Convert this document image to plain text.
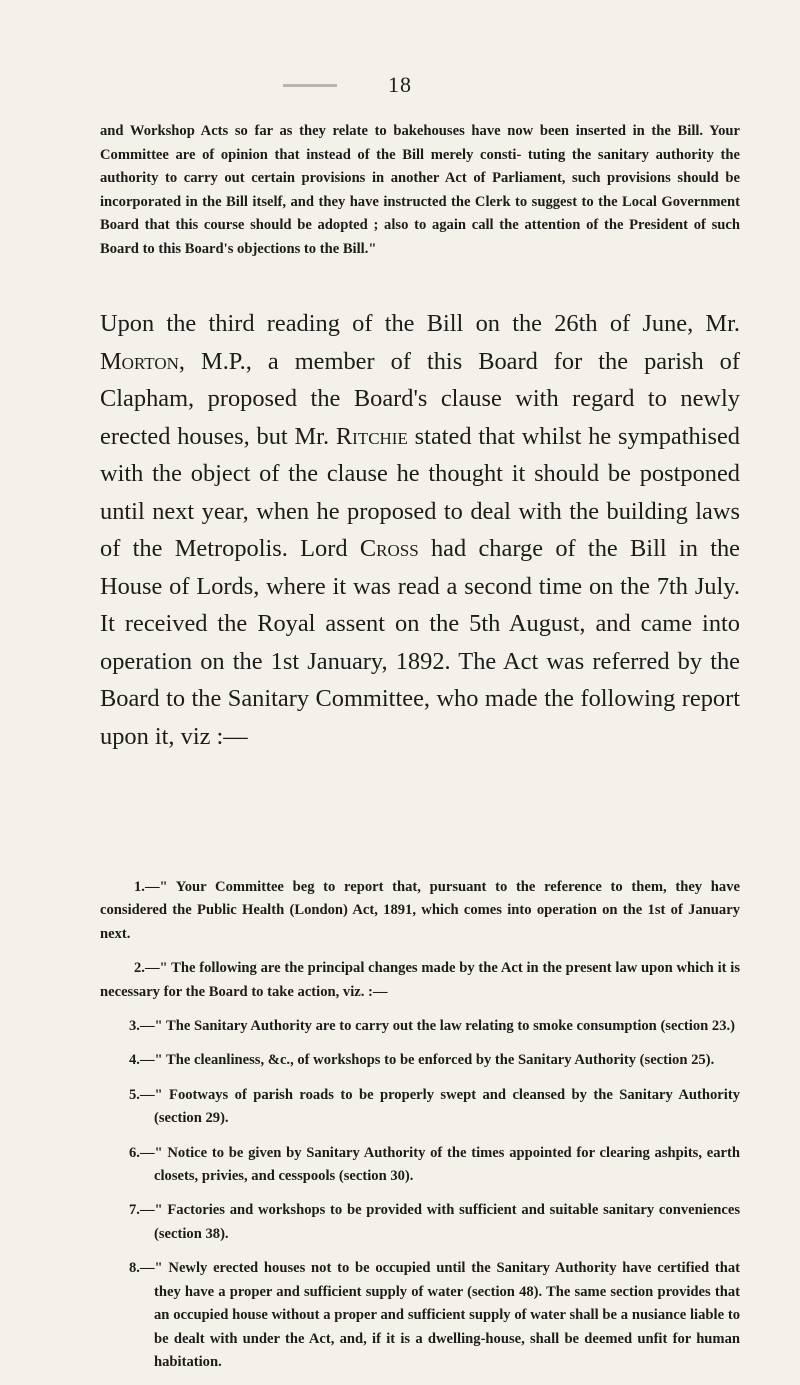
18

and Workshop Acts so far as they relate to bakehouses have now been inserted in the Bill. Your Committee are of opinion that instead of the Bill merely consti- tuting the sanitary authority the authority to carry out certain provisions in another Act of Parliament, such provisions should be incorporated in the Bill itself, and they have instructed the Clerk to suggest to the Local Government Board that this course should be adopted ; also to again call the attention of the President of such Board to this Board's objections to the Bill."

Upon the third reading of the Bill on the 26th of June, Mr. Morton, M.P., a member of this Board for the parish of Clapham, proposed the Board's clause with regard to newly erected houses, but Mr. Ritchie stated that whilst he sympathised with the object of the clause he thought it should be postponed until next year, when he proposed to deal with the building laws of the Metropolis. Lord Cross had charge of the Bill in the House of Lords, where it was read a second time on the 7th July. It received the Royal assent on the 5th August, and came into operation on the 1st January, 1892. The Act was referred by the Board to the Sanitary Committee, who made the following report upon it, viz :—

1.—" Your Committee beg to report that, pursuant to the reference to them, they have considered the Public Health (London) Act, 1891, which comes into operation on the 1st of January next.

2.—" The following are the principal changes made by the Act in the present law upon which it is necessary for the Board to take action, viz. :—

3.—" The Sanitary Authority are to carry out the law relating to smoke consumption (section 23.)

4.—" The cleanliness, &c., of workshops to be enforced by the Sanitary Authority (section 25).

5.—" Footways of parish roads to be properly swept and cleansed by the Sanitary Authority (section 29).

6.—" Notice to be given by Sanitary Authority of the times appointed for clearing ashpits, earth closets, privies, and cesspools (section 30).

7.—" Factories and workshops to be provided with sufficient and suitable sanitary conveniences (section 38).

8.—" Newly erected houses not to be occupied until the Sanitary Authority have certified that they have a proper and sufficient supply of water (section 48). The same section provides that an occupied house without a proper and sufficient supply of water shall be a nusiance liable to be dealt with under the Act, and, if it is a dwelling-house, shall be deemed unfit for human habitation.
